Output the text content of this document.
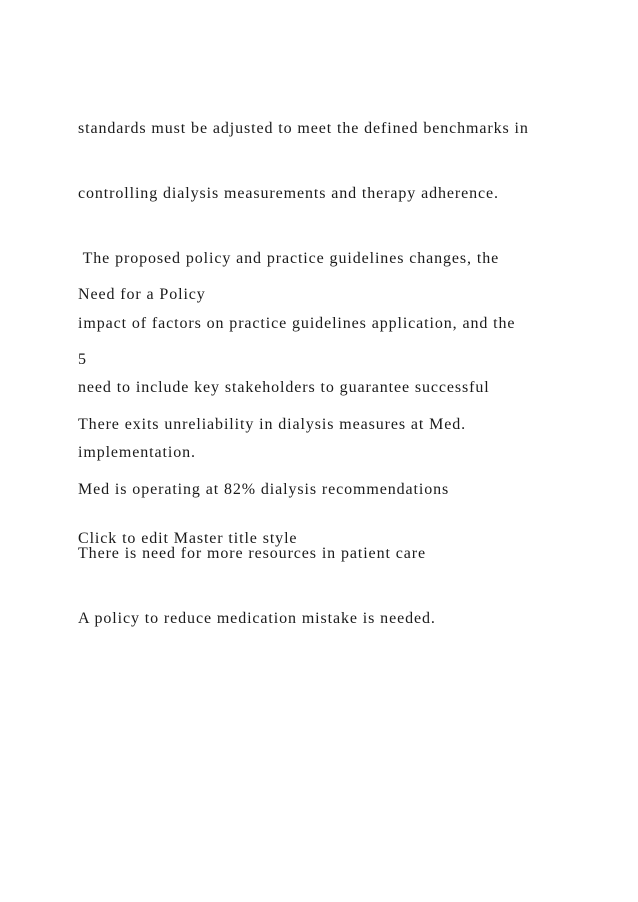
standards must be adjusted to meet the defined benchmarks in

controlling dialysis measurements and therapy adherence.

The proposed policy and practice guidelines changes, the

impact of factors on practice guidelines application, and the

need to include key stakeholders to guarantee successful

implementation.

Need for a Policy

5

There exits unreliability in dialysis measures at Med.

Med is operating at 82% dialysis recommendations

There is need for more resources in patient care

A policy to reduce medication mistake is needed.

Click to edit Master title style
